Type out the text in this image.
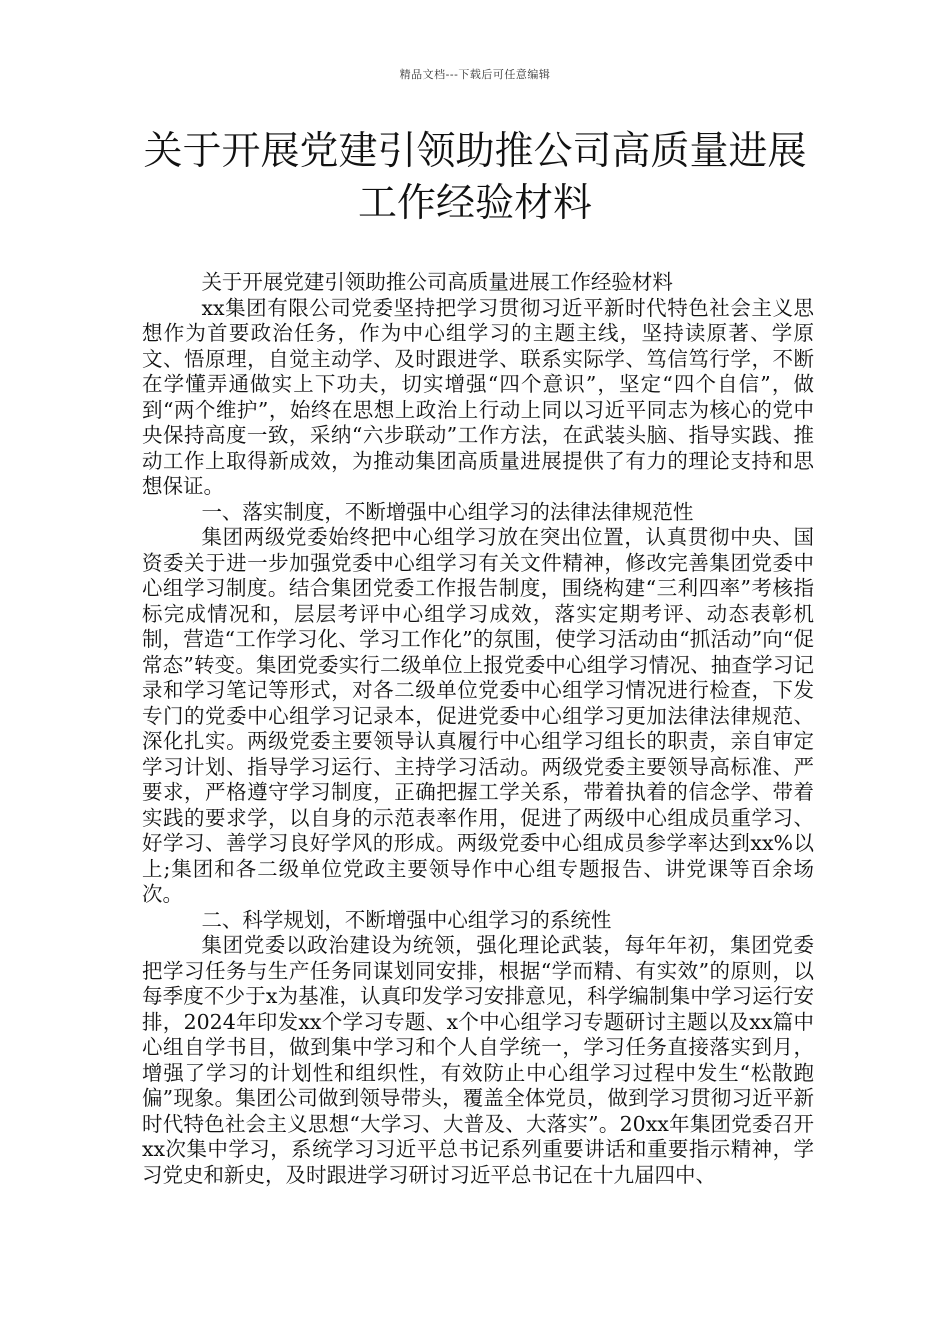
精品文档---下载后可任意编辑
关于开展党建引领助推公司高质量进展工作经验材料

关于开展党建引领助推公司高质量进展工作经验材料

xx集团有限公司党委坚持把学习贯彻习近平新时代特色社会主义思想作为首要政治任务，作为中心组学习的主题主线，坚持读原著、学原文、悟原理，自觉主动学、及时跟进学、联系实际学、笃信笃行学，不断在学懂弄通做实上下功夫，切实增强“四个意识”，坚定“四个自信”，做到“两个维护”，始终在思想上政治上行动上同以习近平同志为核心的党中央保持高度一致，采纳“六步联动”工作方法，在武装头脑、指导实践、推动工作上取得新成效，为推动集团高质量进展提供了有力的理论支持和思想保证。

一、落实制度，不断增强中心组学习的法律法律规范性

集团两级党委始终把中心组学习放在突出位置，认真贯彻中央、国资委关于进一步加强党委中心组学习有关文件精神，修改完善集团党委中心组学习制度。结合集团党委工作报告制度，围绕构建“三利四率”考核指标完成情况和，层层考评中心组学习成效，落实定期考评、动态表彰机制，营造“工作学习化、学习工作化”的氛围，使学习活动由“抓活动”向“促常态”转变。集团党委实行二级单位上报党委中心组学习情况、抽查学习记录和学习笔记等形式，对各二级单位党委中心组学习情况进行检查，下发专门的党委中心组学习记录本，促进党委中心组学习更加法律法律规范、深化扎实。两级党委主要领导认真履行中心组学习组长的职责，亲自审定学习计划、指导学习运行、主持学习活动。两级党委主要领导高标准、严要求，严格遵守学习制度，正确把握工学关系，带着执着的信念学、带着实践的要求学，以自身的示范表率作用，促进了两级中心组成员重学习、好学习、善学习良好学风的形成。两级党委中心组成员参学率达到xx%以上;集团和各二级单位党政主要领导作中心组专题报告、讲党课等百余场次。

二、科学规划，不断增强中心组学习的系统性

集团党委以政治建设为统领，强化理论武装，每年年初，集团党委把学习任务与生产任务同谋划同安排，根据“学而精、有实效”的原则，以每季度不少于x为基准，认真印发学习安排意见，科学编制集中学习运行安排，2024年印发xx个学习专题、x个中心组学习专题研讨主题以及xx篇中心组自学书目，做到集中学习和个人自学统一，学习任务直接落实到月，增强了学习的计划性和组织性，有效防止中心组学习过程中发生“松散跑偏”现象。集团公司做到领导带头，覆盖全体党员，做到学习贯彻习近平新时代特色社会主义思想“大学习、大普及、大落实”。20xx年集团党委召开xx次集中学习，系统学习习近平总书记系列重要讲话和重要指示精神，学习党史和新史，及时跟进学习研讨习近平总书记在十九届四中、
